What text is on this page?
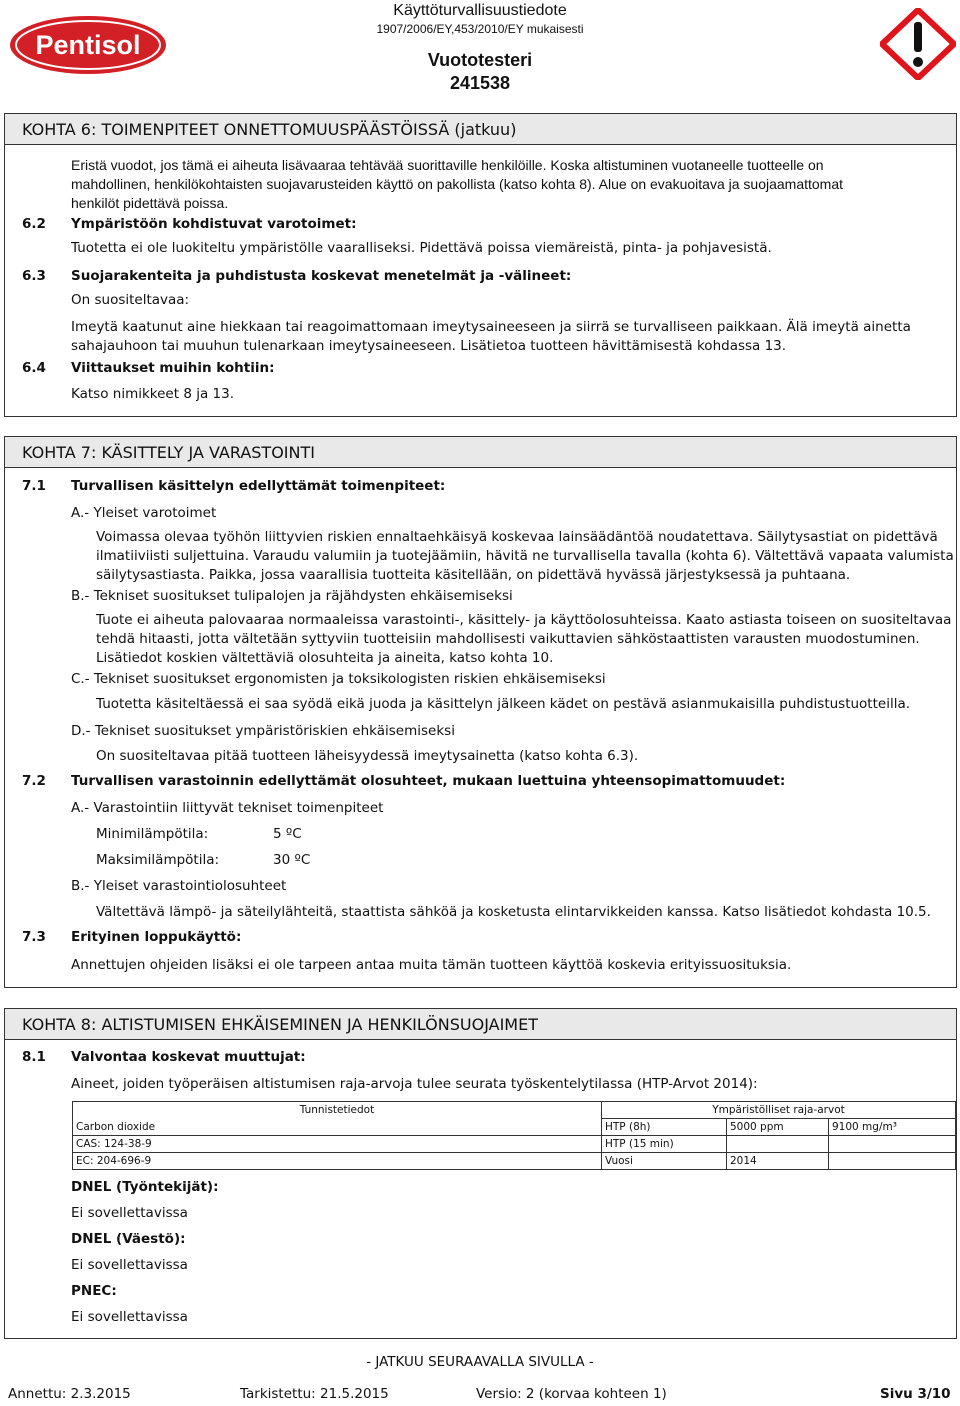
Pentisol
Käyttöturvallisuustiedote
1907/2006/EY,453/2010/EY mukaisesti
Vuototesteri
241538
KOHTA 6: TOIMENPITEET ONNETTOMUUSPÄÄSTÖISSÄ (jatkuu)
Eristä vuodot, jos tämä ei aiheuta lisävaaraa tehtävää suorittaville henkilöille. Koska altistuminen vuotaneelle tuotteelle on
mahdollinen, henkilökohtaisten suojavarusteiden käyttö on pakollista (katso kohta 8). Alue on evakuoitava ja suojaamattomat
henkilöt pidettävä poissa.
6.2 Ympäristöön kohdistuvat varotoimet:
Tuotetta ei ole luokiteltu ympäristölle vaaralliseksi. Pidettävä poissa viemäreistä, pinta- ja pohjavesistä.
6.3 Suojarakenteita ja puhdistusta koskevat menetelmät ja -välineet:
On suositeltavaa:
Imeytä kaatunut aine hiekkaan tai reagoimattomaan imeytysaineeseen ja siirrä se turvalliseen paikkaan. Älä imeytä ainetta
sahajauhoon tai muuhun tulenarkaan imeytysaineeseen. Lisätietoa tuotteen hävittämisestä kohdassa 13.
6.4 Viittaukset muihin kohtiin:
Katso nimikkeet 8 ja 13.
KOHTA 7: KÄSITTELY JA VARASTOINTI
7.1 Turvallisen käsittelyn edellyttämät toimenpiteet:
A.- Yleiset varotoimet
Voimassa olevaa työhön liittyvien riskien ennaltaehkäisyä koskevaa lainsäädäntöä noudatettava. Säilytysastiat on pidettävä
ilmatiiviisti suljettuina. Varaudu valumiin ja tuotejäämiin, hävitä ne turvallisella tavalla (kohta 6). Vältettävä vapaata valumista
säilytysastiasta. Paikka, jossa vaarallisia tuotteita käsitellään, on pidettävä hyvässä järjestyksessä ja puhtaana.
B.- Tekniset suositukset tulipalojen ja räjähdysten ehkäisemiseksi
Tuote ei aiheuta palovaaraa normaaleissa varastointi-, käsittely- ja käyttöolosuhteissa. Kaato astiasta toiseen on suositeltavaa
tehdä hitaasti, jotta vältetään syttyviin tuotteisiin mahdollisesti vaikuttavien sähköstaattisten varausten muodostuminen.
Lisätiedot koskien vältettäviä olosuhteita ja aineita, katso kohta 10.
C.- Tekniset suositukset ergonomisten ja toksikologisten riskien ehkäisemiseksi
Tuotetta käsiteltäessä ei saa syödä eikä juoda ja käsittelyn jälkeen kädet on pestävä asianmukaisilla puhdistustuotteilla.
D.- Tekniset suositukset ympäristöriskien ehkäisemiseksi
On suositeltavaa pitää tuotteen läheisyydessä imeytysainetta (katso kohta 6.3).
7.2 Turvallisen varastoinnin edellyttämät olosuhteet, mukaan luettuina yhteensopimattomuudet:
A.- Varastointiin liittyvät tekniset toimenpiteet
Minimilämpötila:	5 ºC
Maksimilämpötila:	30 ºC
B.- Yleiset varastointiolosuhteet
Vältettävä lämpö- ja säteilylähteitä, staattista sähköä ja kosketusta elintarvikkeiden kanssa. Katso lisätiedot kohdasta 10.5.
7.3 Erityinen loppukäyttö:
Annettujen ohjeiden lisäksi ei ole tarpeen antaa muita tämän tuotteen käyttöä koskevia erityissuosituksia.
KOHTA 8: ALTISTUMISEN EHKÄISEMINEN JA HENKILÖNSUOJAIMET
8.1 Valvontaa koskevat muuttujat:
Aineet, joiden työperäisen altistumisen raja-arvoja tulee seurata työskentelytilassa (HTP-Arvot 2014):
Tunnistetiedot	Ympäristölliset raja-arvot		
Carbon dioxide	HTP (8h)	5000 ppm	9100 mg/m³
CAS: 124-38-9	HTP (15 min)		
EC: 204-696-9	Vuosi	2014	
DNEL (Työntekijät):
Ei sovellettavissa
DNEL (Väestö):
Ei sovellettavissa
PNEC:
Ei sovellettavissa
- JATKUU SEURAAVALLA SIVULLA -
Annettu: 2.3.2015	Tarkistettu: 21.5.2015	Versio: 2 (korvaa kohteen 1)	Sivu 3/10
